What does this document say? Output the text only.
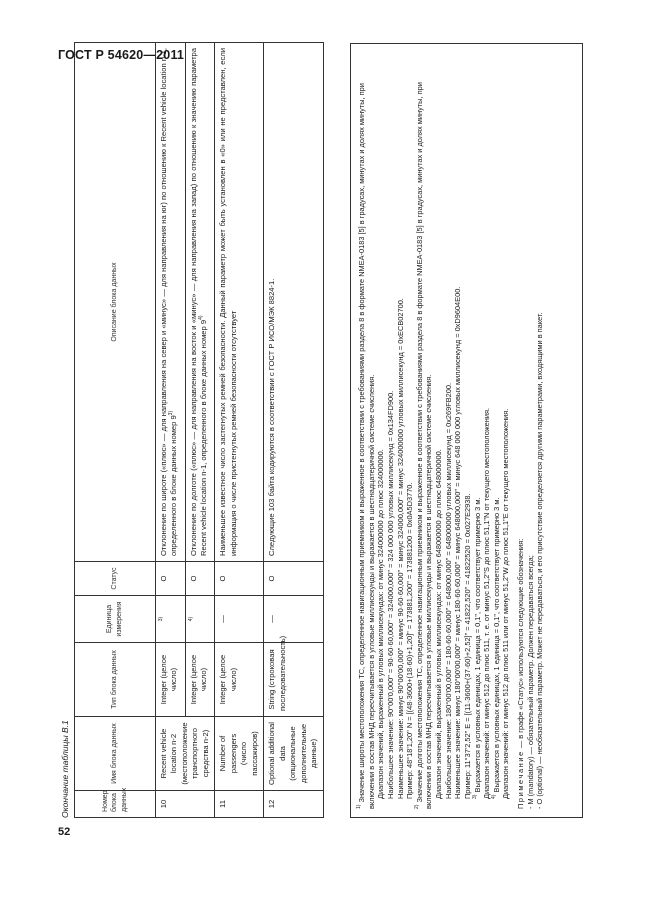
ГОСТ Р 54620—2011
Окончание таблицы В.1	Номер блока данных	Имя блока данных	Тип блока данных	Единица измерения	Статус	Описание блока данных
10	Recent vehicle location n-2 (местоположение транспортного средства n-2)	Integer (целое число)	$^{3)}$	O	Отклонение по широте («плюс» — для направления на север и «минус» — для направления на юг) по отношению к Recent vehicle location n-1, определенного в блоке данных номер 9$^{3)}$
		Integer (целое число)	$^{4)}$	O	Отклонение по долготе («плюс» — для направления на восток и «минус» — для направления на запад) по отношению к значению параметра Recent vehicle location n-1, определенного в блоке данных номер 9$^{4)}$
11	Number of passengers (число пассажиров)	Integer (целое число)	—	O	Наименьшее известное число застегнутых ремней безопасности. Данный параметр может быть установлен в «0» или не представлен, если информация о числе пристегнутых ремней безопасности отсутствует
12	Optional additional data (опциональные дополнительные данные)	String (строковая последовательность)	—	O	Следующие 103 байта кодируются в соответствии с ГОСТ Р ИСО/МЭК 8824-1.

$^{1)}$ Значение широты местоположения ТС, определенное навигационным приемником и выраженное в соответствии с требованиями раздела 8 в формате NMEA-0183 [5] в градусах, минутах и долях минуты, при включении в состав МНД пересчитывается в угловые миллисекунды и выражается в шестнадцатеричной системе счисления. Диапазон значений, выраженный в угловых миллисекундах: от минус 324000000 до плюс 324000000. Наибольшее значение: 90°00'0,000" = 90·60·60,000" = 324000,000" = 324 000 000 угловых миллисекунд = 0x134FD900. Наименьшее значение: минус 90°00'00,000" = минус 90·60·60,000" = минус 324000,000" = минус 324000000 угловых миллисекунд = 0xECB02700. Пример: 48°18'1,20" N = [(48·3600+(18·60)+1,20]" = 173881,200" = 173881200 = 0x0A5D3770.

$^{2)}$ Значение долготы местоположения ТС, определенное навигационным приемником и выраженное в соответствии с требованиями раздела 8 в формате NMEA-0183 [5] в градусах, минутах и долях минуты, при включении в состав МНД пересчитывается в угловые миллисекунды и выражается в шестнадцатеричной системе счисления. Диапазон значений, выраженный в угловых миллисекундах: от минус 648000000 до плюс 648000000. Наибольшее значение: 180°00'00,000" = 180·60·60,000" = 648000,000" = 648000000 угловых миллисекунд = 0x269FB200. Наименьшее значение: минус 180°00'00,000" = минус 180·60·60,000" = минус 648000,000" = минус 648 000 000 угловых миллисекунд = 0xD9604E00. Пример: 11°37'2,52" E = [(11·3600+(37·60)+2,52]" = 41822,520" = 41822520 = 0x027E2938. $^{3)}$ Выражается в условных единицах, 1 единица = 0,1", что соответствует примерно 3 м. Диапазон значений: от минус 512 до плюс 511, т. е. от минус 51,2"S до плюс 51,1"N от текущего местоположения. $^{4)}$ Выражается в условных единицах, 1 единица = 0,1", что соответствует примерно 3 м. Диапазон значений: от минус 512 до плюс 511 или от минус 51,2"W до плюс 51,1"E от текущего местоположения. Примечание — в графе «Статус» используются следующие обозначения: - M (mandatory) — обязательный параметр. Должен передаваться всегда; - O (optional) — необязательный параметр. Может не передаваться, и его присутствие определяется другими параметрами, входящими в пакет.

52
